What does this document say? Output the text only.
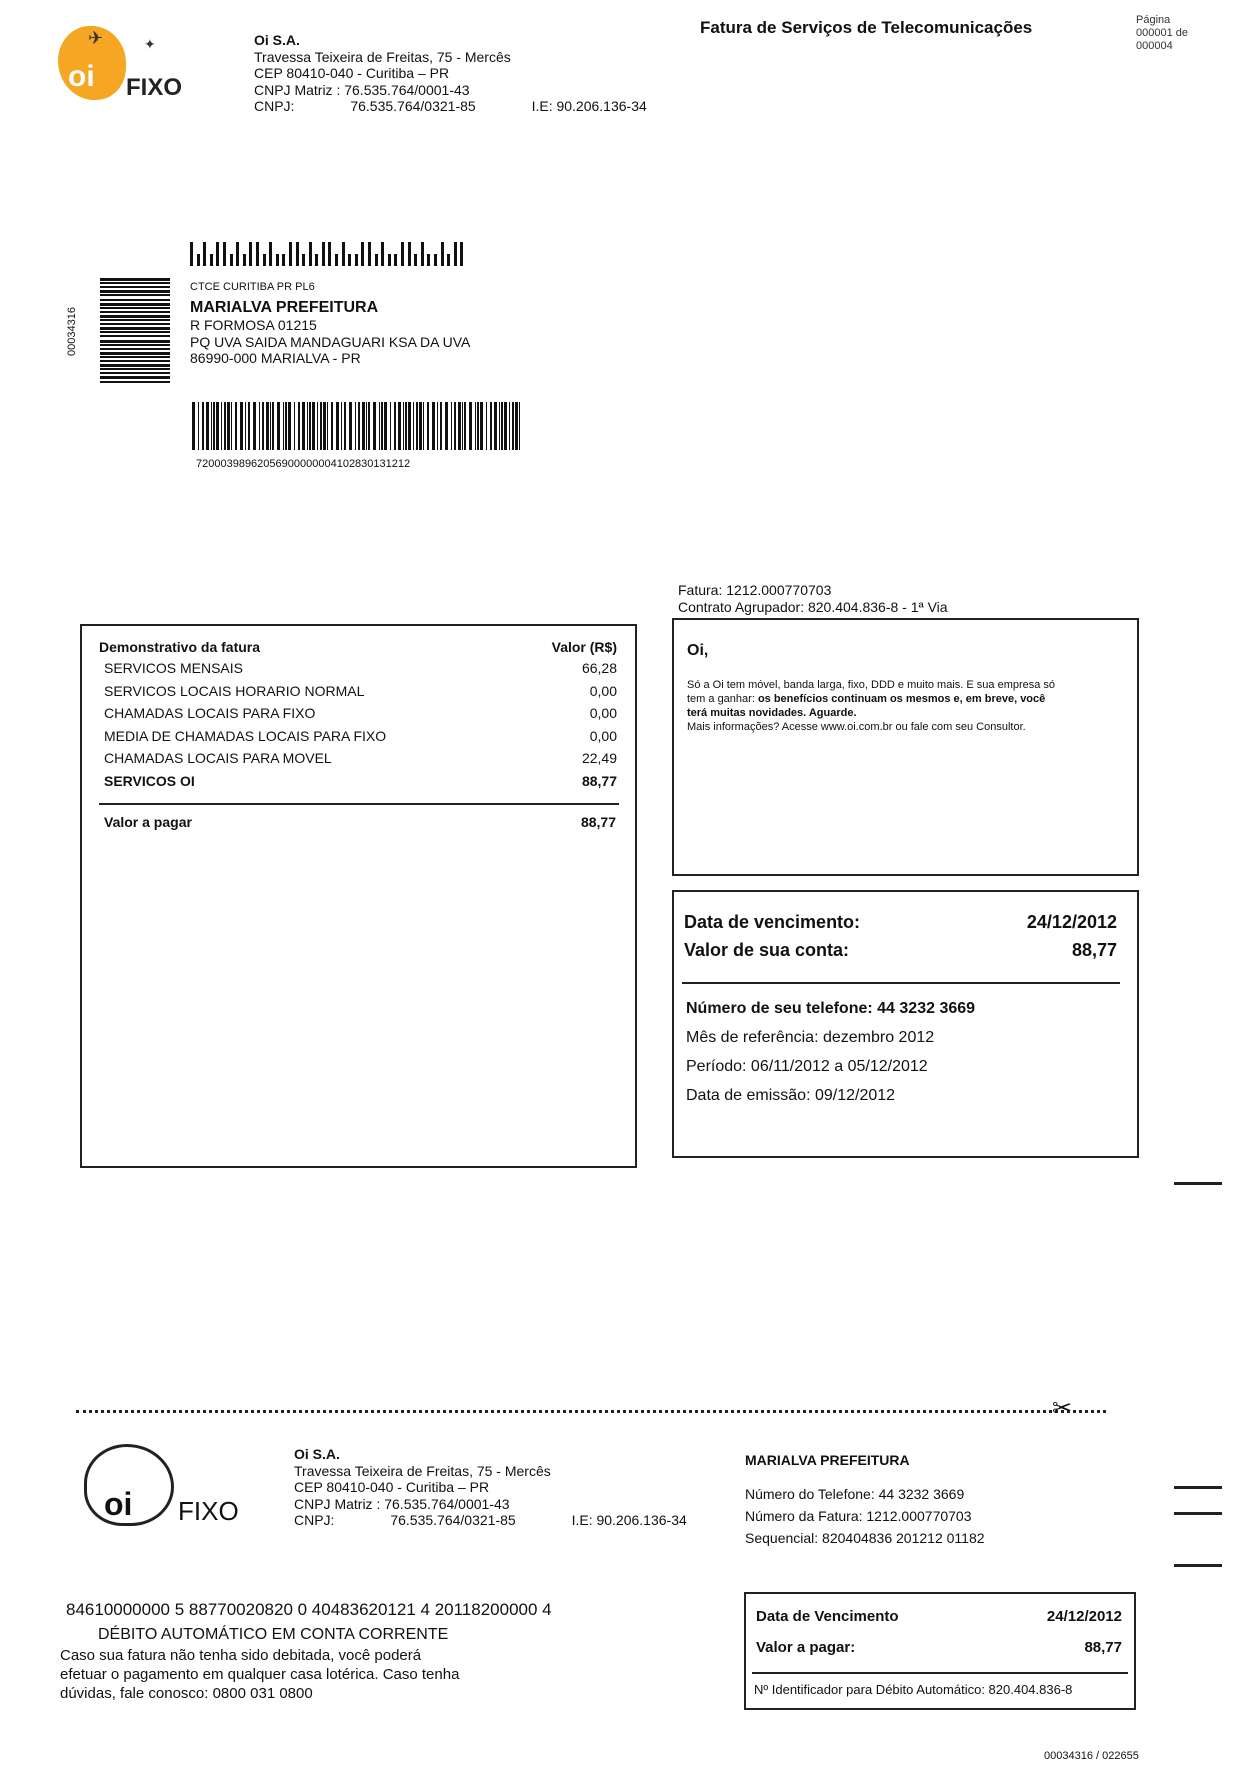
oi
✈	✦
FIXO
Oi S.A.
Travessa Teixeira de Freitas, 75 - Mercês
CEP 80410-040 - Curitiba – PR
CNPJ Matriz : 76.535.764/0001-43
CNPJ:	76.535.764/0321-85	I.E: 90.206.136-34
Fatura de Serviços de Telecomunicações	Página
000001 de
000004
00034316
CTCE CURITIBA PR PL6
MARIALVA PREFEITURA
R FORMOSA 01215
PQ UVA SAIDA MANDAGUARI KSA DA UVA
86990-000 MARIALVA - PR
72000398962056900000004102830131212
Fatura: 1212.000770703
Contrato Agrupador: 820.404.836-8 - 1ª Via
Demonstrativo da fatura	Valor (R$)
SERVICOS MENSAIS	66,28
SERVICOS LOCAIS HORARIO NORMAL	0,00
CHAMADAS LOCAIS PARA FIXO	0,00
MEDIA DE CHAMADAS LOCAIS PARA FIXO	0,00
CHAMADAS LOCAIS PARA MOVEL	22,49
SERVICOS OI	88,77
Valor a pagar	88,77
Oi,
Só a Oi tem móvel, banda larga, fixo, DDD e muito mais. E sua empresa só
tem a ganhar: os benefícios continuam os mesmos e, em breve, você
terá muitas novidades. Aguarde.
Mais informações? Acesse www.oi.com.br ou fale com seu Consultor.
Data de vencimento:	24/12/2012
Valor de sua conta:	88,77
Número de seu telefone: 44 3232 3669
Mês de referência: dezembro 2012
Período: 06/11/2012 a 05/12/2012
Data de emissão: 09/12/2012
✂
oi FIXO
Oi S.A.
Travessa Teixeira de Freitas, 75 - Mercês
CEP 80410-040 - Curitiba – PR
CNPJ Matriz : 76.535.764/0001-43
CNPJ:	76.535.764/0321-85	I.E: 90.206.136-34
MARIALVA PREFEITURA
Número do Telefone: 44 3232 3669
Número da Fatura: 1212.000770703
Sequencial: 820404836 201212 01182
84610000000 5 88770020820 0 40483620121 4 20118200000 4
DÉBITO AUTOMÁTICO EM CONTA CORRENTE
Caso sua fatura não tenha sido debitada, você poderá
efetuar o pagamento em qualquer casa lotérica. Caso tenha
dúvidas, fale conosco: 0800 031 0800
Data de Vencimento	24/12/2012
Valor a pagar:	88,77
Nº Identificador para Débito Automático: 820.404.836-8
00034316 / 022655
